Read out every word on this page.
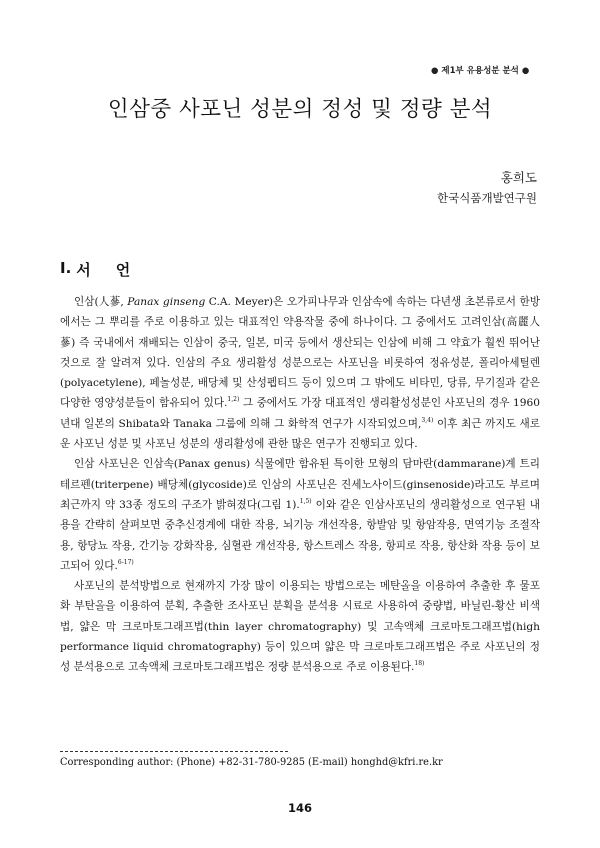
● 제1부 유용성분 분석 ●
인삼중 사포닌 성분의 정성 및 정량 분석
홍희도
한국식품개발연구원
I. 서 언

인삼(人蔘, Panax ginseng C.A. Meyer)은 오가피나무과 인삼속에 속하는 다년생 초본류로서 한방에서는 그 뿌리를 주로 이용하고 있는 대표적인 약용작물 중에 하나이다. 그 중에서도 고려인삼(高麗人蔘) 즉 국내에서 재배되는 인삼이 중국, 일본, 미국 등에서 생산되는 인삼에 비해 그 약효가 훨씬 뛰어난 것으로 잘 알려져 있다. 인삼의 주요 생리활성 성분으로는 사포닌을 비롯하여 정유성분, 폴리아세틸렌(polyacetylene), 페놀성분, 배당체 및 산성펩티드 등이 있으며 그 밖에도 비타민, 당류, 무기질과 같은 다양한 영양성분들이 함유되어 있다.$^{1,2)}$ 그 중에서도 가장 대표적인 생리활성성분인 사포닌의 경우 1960년대 일본의 Shibata와 Tanaka 그룹에 의해 그 화학적 연구가 시작되었으며,$^{3,4)}$ 이후 최근 까지도 새로운 사포닌 성분 및 사포닌 성분의 생리활성에 관한 많은 연구가 진행되고 있다.

인삼 사포닌은 인삼속(Panax genus) 식물에만 함유된 특이한 모형의 담마란(dammarane)계 트리테르펜(triterpene) 배당체(glycoside)로 인삼의 사포닌은 진세노사이드(ginsenoside)라고도 부르며 최근까지 약 33종 정도의 구조가 밝혀졌다(그림 1).$^{1,5)}$ 이와 같은 인삼사포닌의 생리활성으로 연구된 내용을 간략히 살펴보면 중추신경계에 대한 작용, 뇌기능 개선작용, 항발암 및 항암작용, 면역기능 조절작용, 항당뇨 작용, 간기능 강화작용, 심혈관 개선작용, 항스트레스 작용, 항피로 작용, 항산화 작용 등이 보고되어 있다.$^{6-17)}$

사포닌의 분석방법으로 현재까지 가장 많이 이용되는 방법으로는 메탄올을 이용하여 추출한 후 물포화 부탄올을 이용하여 분획, 추출한 조사포닌 분획을 분석용 시료로 사용하여 중량법, 바닐린-황산 비색법, 얇은 막 크로마토그래프법(thin layer chromatography) 및 고속액체 크로마토그래프법(high performance liquid chromatography) 등이 있으며 얇은 막 크로마토그래프법은 주로 사포닌의 정성 분석용으로 고속액체 크로마토그래프법은 정량 분석용으로 주로 이용된다.$^{18)}$

Corresponding author: (Phone) +82-31-780-9285 (E-mail) honghd@kfri.re.kr
146
